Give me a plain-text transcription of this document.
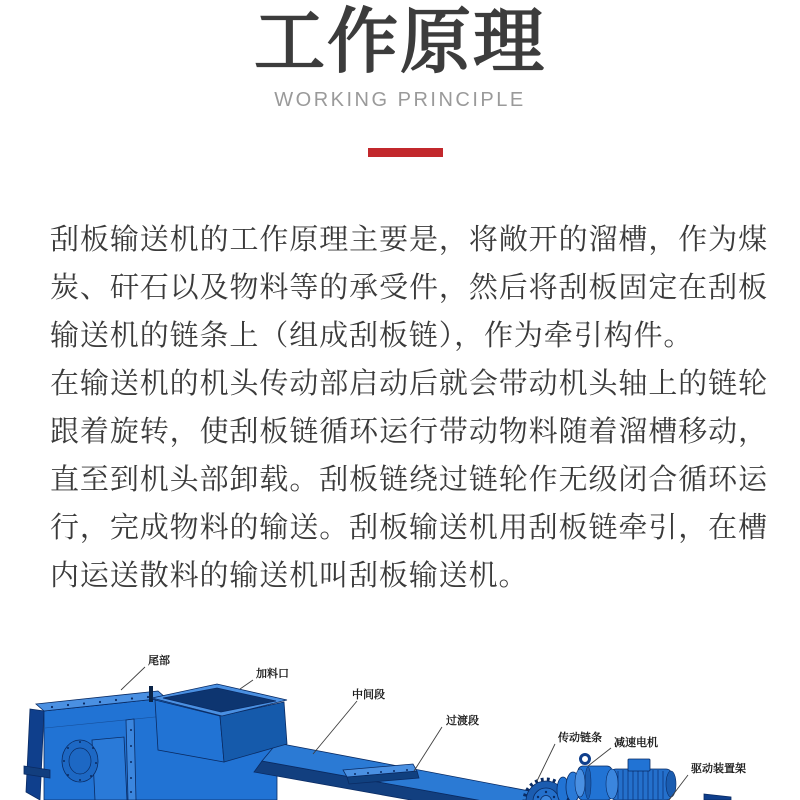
工作原理
WORKING PRINCIPLE

刮板输送机的工作原理主要是，将敞开的溜槽，作为煤炭、矸石以及物料等的承受件，然后将刮板固定在刮板输送机的链条上（组成刮板链），作为牵引构件。

在输送机的机头传动部启动后就会带动机头轴上的链轮跟着旋转，使刮板链循环运行带动物料随着溜槽移动，直至到机头部卸载。刮板链绕过链轮作无级闭合循环运行，完成物料的输送。刮板输送机用刮板链牵引，在槽内运送散料的输送机叫刮板输送机。

尾部
加料口
中间段
过渡段
传动链条 减速电机
驱动装置架
